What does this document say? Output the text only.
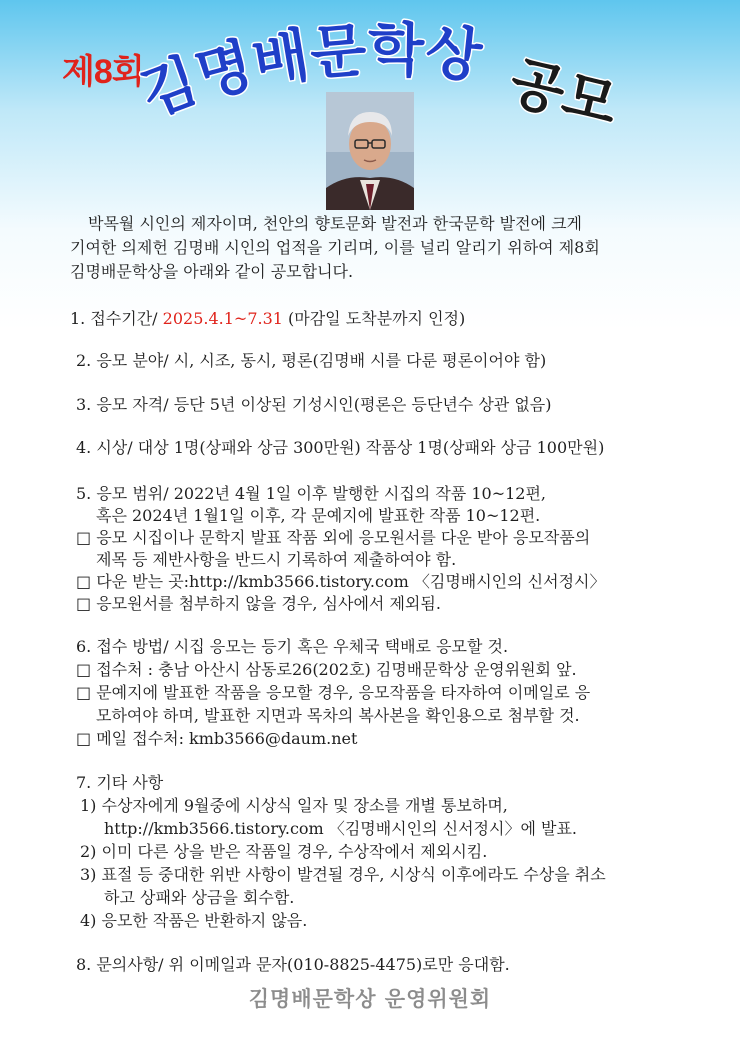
제8회
김명배문학상 공모
박목월 시인의 제자이며, 천안의 향토문화 발전과 한국문학 발전에 크게
기여한 의제헌 김명배 시인의 업적을 기리며, 이를 널리 알리기 위하여 제8회
김명배문학상을 아래와 같이 공모합니다.
1. 접수기간/ 2025.4.1~7.31 (마감일 도착분까지 인정)
2. 응모 분야/ 시, 시조, 동시, 평론(김명배 시를 다룬 평론이어야 함)
3. 응모 자격/ 등단 5년 이상된 기성시인(평론은 등단년수 상관 없음)
4. 시상/ 대상 1명(상패와 상금 300만원) 작품상 1명(상패와 상금 100만원)
5. 응모 범위/ 2022년 4월 1일 이후 발행한 시집의 작품 10~12편,
혹은 2024년 1월1일 이후, 각 문예지에 발표한 작품 10~12편.
□ 응모 시집이나 문학지 발표 작품 외에 응모원서를 다운 받아 응모작품의
제목 등 제반사항을 반드시 기록하여 제출하여야 함.
□ 다운 받는 곳:http://kmb3566.tistory.com 〈김명배시인의 신서정시〉
□ 응모원서를 첨부하지 않을 경우, 심사에서 제외됨.
6. 접수 방법/ 시집 응모는 등기 혹은 우체국 택배로 응모할 것.
□ 접수처 : 충남 아산시 삼동로26(202호) 김명배문학상 운영위원회 앞.
□ 문예지에 발표한 작품을 응모할 경우, 응모작품을 타자하여 이메일로 응
모하여야 하며, 발표한 지면과 목차의 복사본을 확인용으로 첨부할 것.
□ 메일 접수처: kmb3566@daum.net
7. 기타 사항
1) 수상자에게 9월중에 시상식 일자 및 장소를 개별 통보하며,
http://kmb3566.tistory.com 〈김명배시인의 신서정시〉에 발표.
2) 이미 다른 상을 받은 작품일 경우, 수상작에서 제외시킴.
3) 표절 등 중대한 위반 사항이 발견될 경우, 시상식 이후에라도 수상을 취소
하고 상패와 상금을 회수함.
4) 응모한 작품은 반환하지 않음.
8. 문의사항/ 위 이메일과 문자(010-8825-4475)로만 응대함.
김명배문학상 운영위원회
